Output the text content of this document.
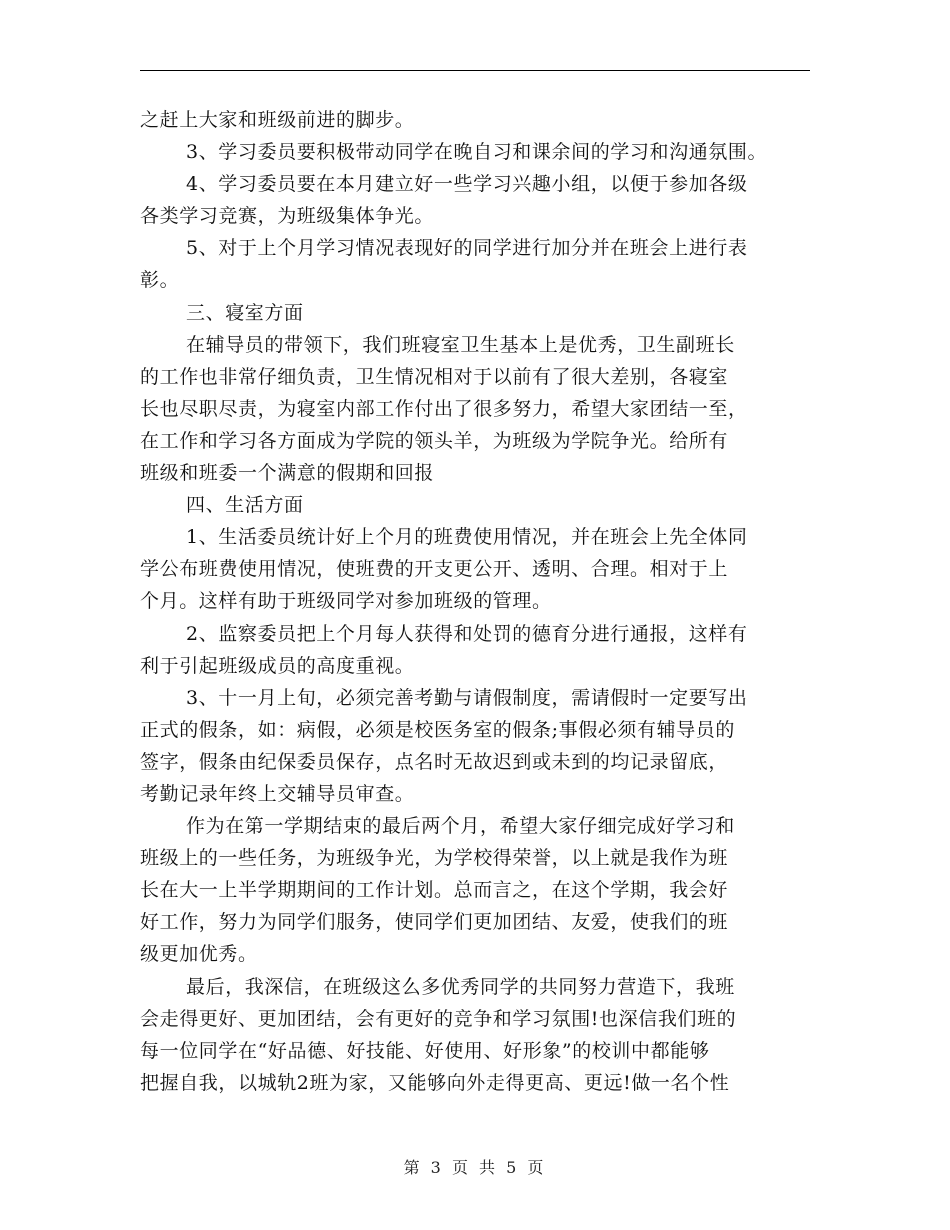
之赶上大家和班级前进的脚步。
3、学习委员要积极带动同学在晚自习和课余间的学习和沟通氛围。
4、学习委员要在本月建立好一些学习兴趣小组，以便于参加各级
各类学习竞赛，为班级集体争光。
5、对于上个月学习情况表现好的同学进行加分并在班会上进行表
彰。
三、寝室方面
在辅导员的带领下，我们班寝室卫生基本上是优秀，卫生副班长
的工作也非常仔细负责，卫生情况相对于以前有了很大差别，各寝室
长也尽职尽责，为寝室内部工作付出了很多努力，希望大家团结一至，
在工作和学习各方面成为学院的领头羊，为班级为学院争光。给所有
班级和班委一个满意的假期和回报
四、生活方面
1、生活委员统计好上个月的班费使用情况，并在班会上先全体同
学公布班费使用情况，使班费的开支更公开、透明、合理。相对于上
个月。这样有助于班级同学对参加班级的管理。
2、监察委员把上个月每人获得和处罚的德育分进行通报，这样有
利于引起班级成员的高度重视。
3、十一月上旬，必须完善考勤与请假制度，需请假时一定要写出
正式的假条，如：病假，必须是校医务室的假条;事假必须有辅导员的
签字，假条由纪保委员保存，点名时无故迟到或未到的均记录留底，
考勤记录年终上交辅导员审查。
作为在第一学期结束的最后两个月，希望大家仔细完成好学习和
班级上的一些任务，为班级争光，为学校得荣誉，以上就是我作为班
长在大一上半学期期间的工作计划。总而言之，在这个学期，我会好
好工作，努力为同学们服务，使同学们更加团结、友爱，使我们的班
级更加优秀。
最后，我深信，在班级这么多优秀同学的共同努力营造下，我班
会走得更好、更加团结，会有更好的竞争和学习氛围!也深信我们班的
每一位同学在“好品德、好技能、好使用、好形象”的校训中都能够
把握自我，以城轨2班为家，又能够向外走得更高、更远!做一名个性
第 3 页 共 5 页
